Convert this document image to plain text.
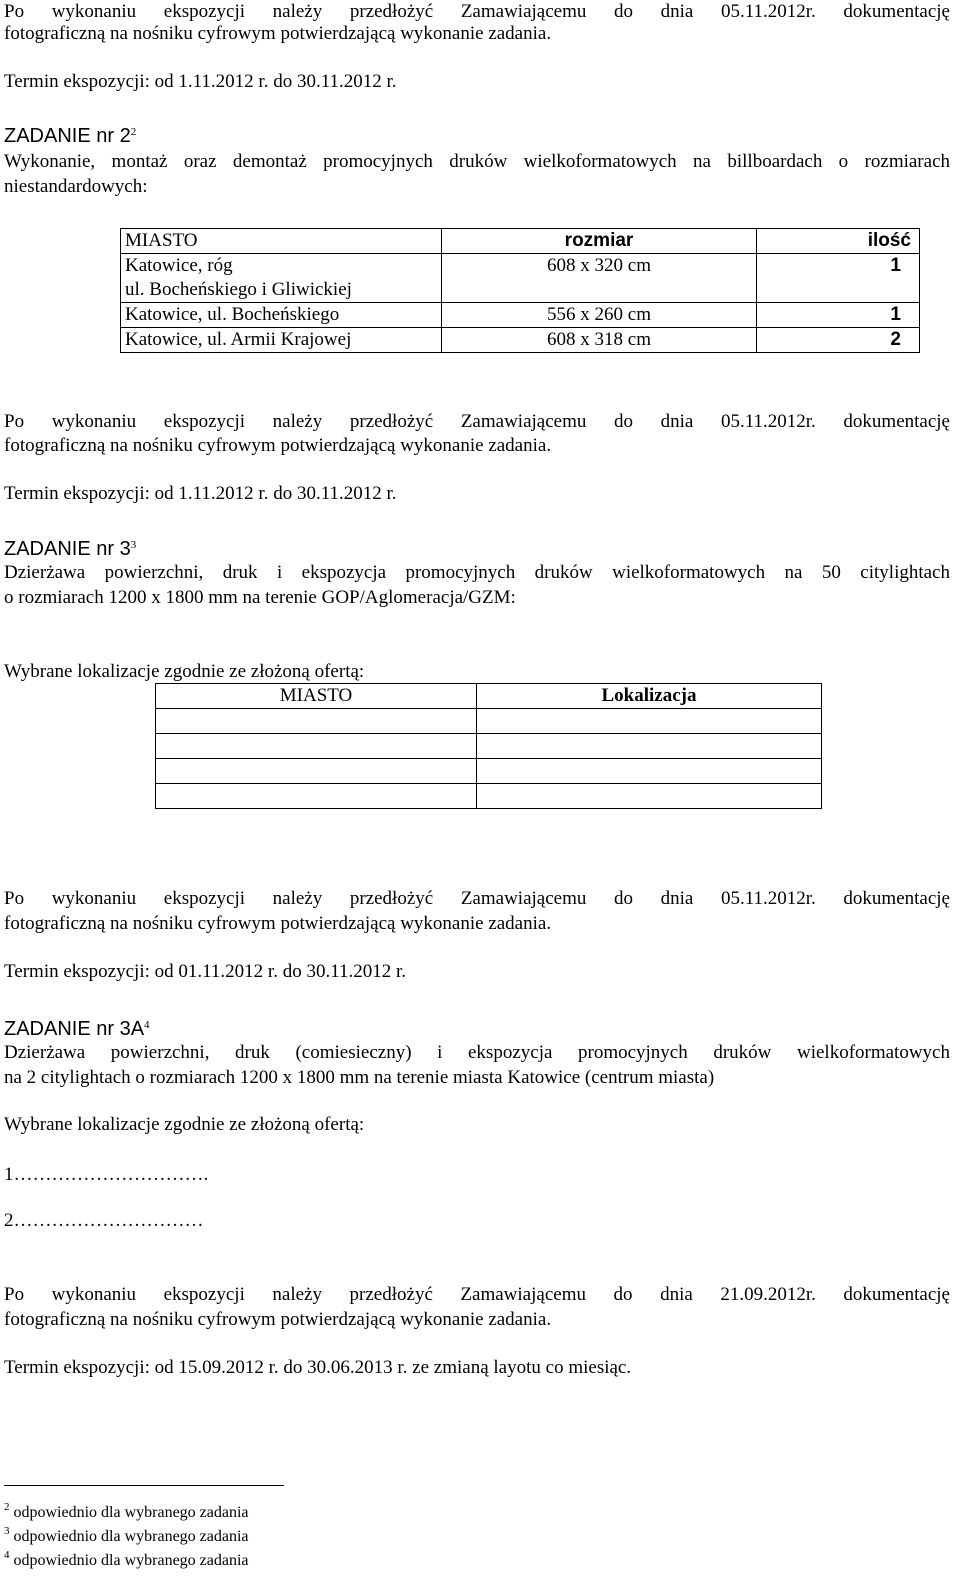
Po wykonaniu ekspozycji należy przedłożyć Zamawiającemu do dnia 05.11.2012r. dokumentację
fotograficzną na nośniku cyfrowym potwierdzającą wykonanie zadania.
Termin ekspozycji: od 1.11.2012 r. do 30.11.2012 r.
ZADANIE nr $2^2$
Wykonanie, montaż oraz demontaż promocyjnych druków wielkoformatowych na billboardach o rozmiarach
niestandardowych:
MIASTO	rozmiar	ilość

Katowice, róg
ul. Bocheńskiego i Gliwickiej	608 x 320 cm	1
Katowice, ul. Bocheńskiego	556 x 260 cm	1
Katowice, ul. Armii Krajowej	608 x 318 cm	2
Po wykonaniu ekspozycji należy przedłożyć Zamawiającemu do dnia 05.11.2012r. dokumentację
fotograficzną na nośniku cyfrowym potwierdzającą wykonanie zadania.
Termin ekspozycji: od 1.11.2012 r. do 30.11.2012 r.
ZADANIE nr $3^3$
Dzierżawa powierzchni, druk i ekspozycja promocyjnych druków wielkoformatowych na 50 citylightach
o rozmiarach 1200 x 1800 mm na terenie GOP/Aglomeracja/GZM:
Wybrane lokalizacje zgodnie ze złożoną ofertą:
MIASTO	Lokalizacja

Po wykonaniu ekspozycji należy przedłożyć Zamawiającemu do dnia 05.11.2012r. dokumentację
fotograficzną na nośniku cyfrowym potwierdzającą wykonanie zadania.
Termin ekspozycji: od 01.11.2012 r. do 30.11.2012 r.
ZADANIE nr $3A^4$
Dzierżawa powierzchni, druk (comiesieczny) i ekspozycja promocyjnych druków wielkoformatowych
na 2 citylightach o rozmiarach 1200 x 1800 mm na terenie miasta Katowice (centrum miasta)
Wybrane lokalizacje zgodnie ze złożoną ofertą:
1………………………….
2…………………………
Po wykonaniu ekspozycji należy przedłożyć Zamawiającemu do dnia 21.09.2012r. dokumentację
fotograficzną na nośniku cyfrowym potwierdzającą wykonanie zadania.
Termin ekspozycji: od 15.09.2012 r. do 30.06.2013 r. ze zmianą layotu co miesiąc.
$^2$ odpowiednio dla wybranego zadania
$^3$ odpowiednio dla wybranego zadania
$^4$ odpowiednio dla wybranego zadania
